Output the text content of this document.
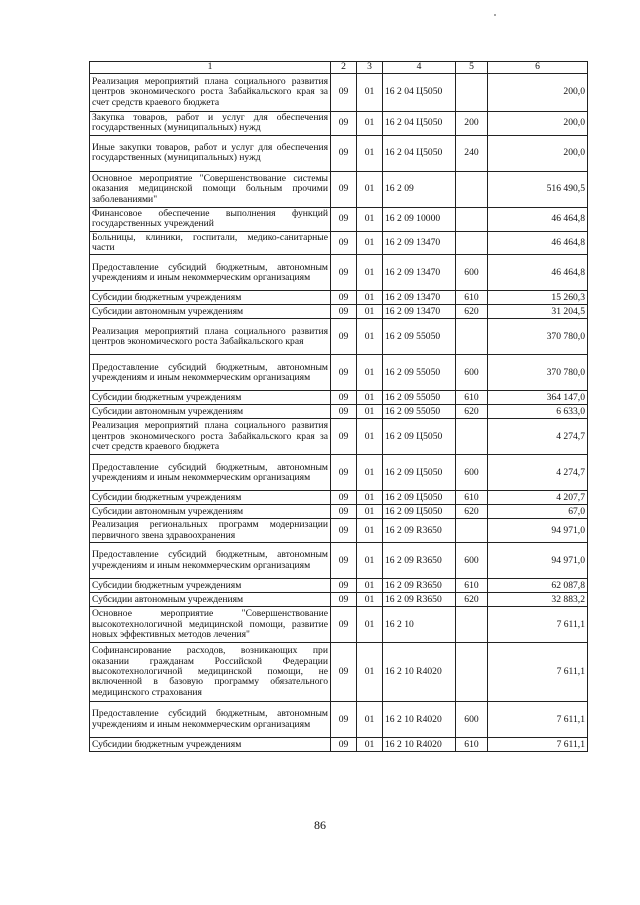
1	2	3	4	5	6
Реализация мероприятий плана социального развития центров экономического роста Забайкальского края за счет средств краевого бюджета	09	01	16 2 04 Ц5050		200,0
Закупка товаров, работ и услуг для обеспечения государственных (муниципальных) нужд	09	01	16 2 04 Ц5050	200	200,0
Иные закупки товаров, работ и услуг для обеспечения государственных (муниципальных) нужд	09	01	16 2 04 Ц5050	240	200,0
Основное мероприятие "Совершенствование системы оказания медицинской помощи больным прочими заболеваниями"	09	01	16 2 09		516 490,5
Финансовое обеспечение выполнения функций государственных учреждений	09	01	16 2 09 10000		46 464,8
Больницы, клиники, госпитали, медико-санитарные части	09	01	16 2 09 13470		46 464,8
Предоставление субсидий бюджетным, автономным учреждениям и иным некоммерческим организациям	09	01	16 2 09 13470	600	46 464,8
Субсидии бюджетным учреждениям	09	01	16 2 09 13470	610	15 260,3
Субсидии автономным учреждениям	09	01	16 2 09 13470	620	31 204,5
Реализация мероприятий плана социального развития центров экономического роста Забайкальского края	09	01	16 2 09 55050		370 780,0
Предоставление субсидий бюджетным, автономным учреждениям и иным некоммерческим организациям	09	01	16 2 09 55050	600	370 780,0
Субсидии бюджетным учреждениям	09	01	16 2 09 55050	610	364 147,0
Субсидии автономным учреждениям	09	01	16 2 09 55050	620	6 633,0
Реализация мероприятий плана социального развития центров экономического роста Забайкальского края за счет средств краевого бюджета	09	01	16 2 09 Ц5050		4 274,7
Предоставление субсидий бюджетным, автономным учреждениям и иным некоммерческим организациям	09	01	16 2 09 Ц5050	600	4 274,7
Субсидии бюджетным учреждениям	09	01	16 2 09 Ц5050	610	4 207,7
Субсидии автономным учреждениям	09	01	16 2 09 Ц5050	620	67,0
Реализация региональных программ модернизации первичного звена здравоохранения	09	01	16 2 09 R3650		94 971,0
Предоставление субсидий бюджетным, автономным учреждениям и иным некоммерческим организациям	09	01	16 2 09 R3650	600	94 971,0
Субсидии бюджетным учреждениям	09	01	16 2 09 R3650	610	62 087,8
Субсидии автономным учреждениям	09	01	16 2 09 R3650	620	32 883,2
Основное мероприятие "Совершенствование высокотехнологичной медицинской помощи, развитие новых эффективных методов лечения"	09	01	16 2 10		7 611,1
Софинансирование расходов, возникающих при оказании гражданам Российской Федерации высокотехнологичной медицинской помощи, не включенной в базовую программу обязательного медицинского страхования	09	01	16 2 10 R4020		7 611,1
Предоставление субсидий бюджетным, автономным учреждениям и иным некоммерческим организациям	09	01	16 2 10 R4020	600	7 611,1
Субсидии бюджетным учреждениям	09	01	16 2 10 R4020	610	7 611,1
86
